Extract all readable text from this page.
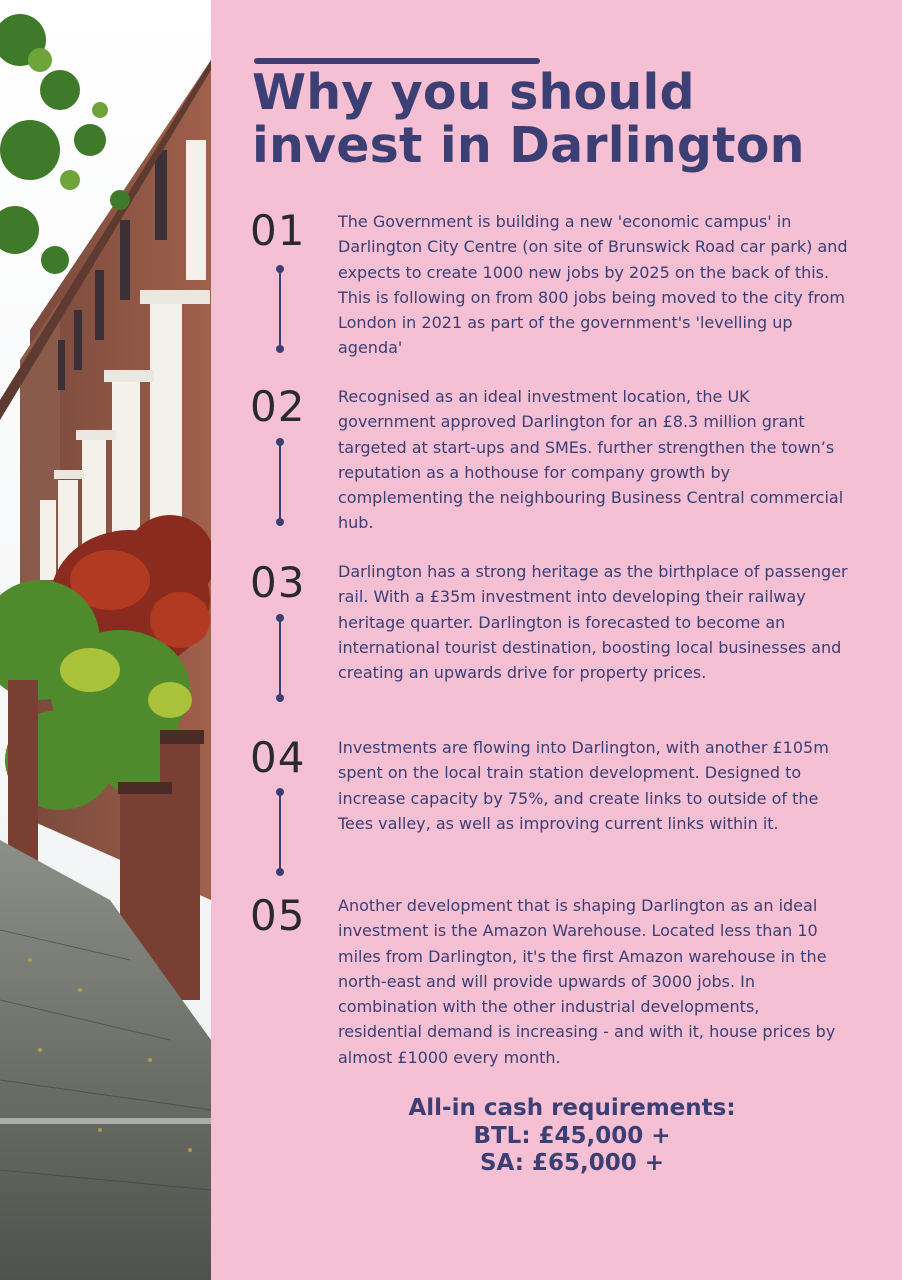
Why you should invest in Darlington
01	The Government is building a new 'economic campus' in Darlington City Centre (on site of Brunswick Road car park) and expects to create 1000 new jobs by 2025 on the back of this. This is following on from 800 jobs being moved to the city from London in 2021 as part of the government's 'levelling up agenda'

02	Recognised as an ideal investment location, the UK government approved Darlington for an £8.3 million grant targeted at start-ups and SMEs. further strengthen the town’s reputation as a hothouse for company growth by complementing the neighbouring Business Central commercial hub.

03	Darlington has a strong heritage as the birthplace of passenger rail. With a £35m investment into developing their railway heritage quarter. Darlington is forecasted to become an international tourist destination, boosting local businesses and creating an upwards drive for property prices.

04	Investments are flowing into Darlington, with another £105m spent on the local train station development. Designed to increase capacity by 75%, and create links to outside of the Tees valley, as well as improving current links within it.

05	Another development that is shaping Darlington as an ideal investment is the Amazon Warehouse. Located less than 10 miles from Darlington, it's the first Amazon warehouse in the north-east and will provide upwards of 3000 jobs. In combination with the other industrial developments, residential demand is increasing - and with it, house prices by almost £1000 every month.

All-in cash requirements:
BTL: £45,000 +
SA: £65,000 +
